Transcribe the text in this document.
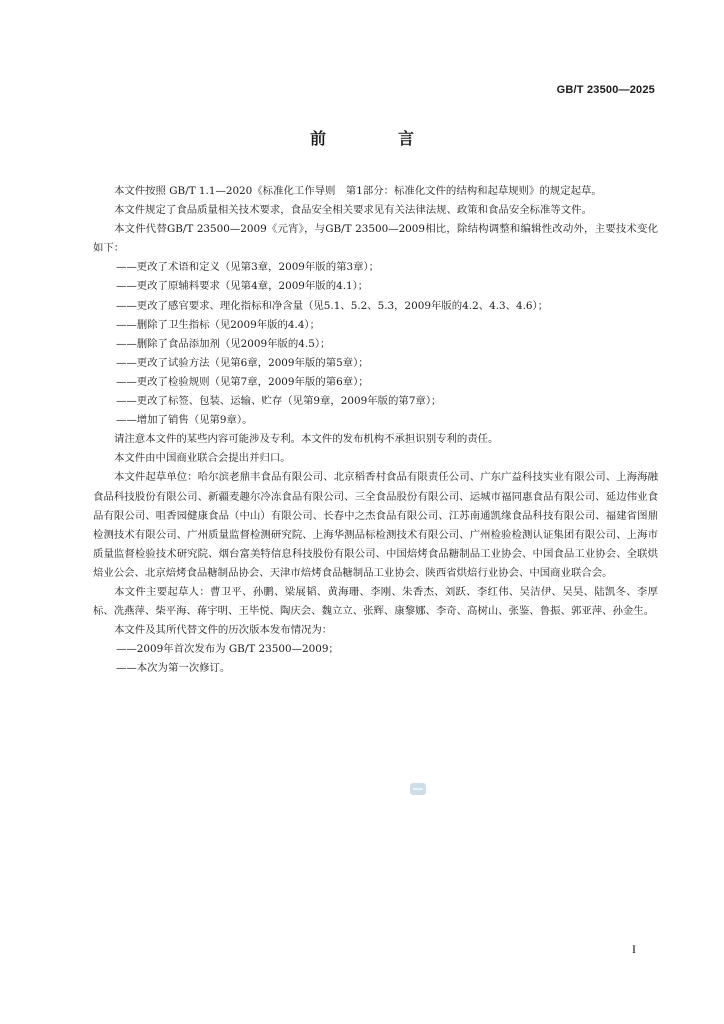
GB/T 23500—2025
前　言

本文件按照 GB/T 1.1—2020《标准化工作导则　第1部分：标准化文件的结构和起草规则》的规定起草。

本文件规定了食品质量相关技术要求，食品安全相关要求见有关法律法规、政策和食品安全标准等文件。

本文件代替GB/T 23500—2009《元宵》，与GB/T 23500—2009相比，除结构调整和编辑性改动外，主要技术变化如下：

——更改了术语和定义（见第3章，2009年版的第3章）；

——更改了原辅料要求（见第4章，2009年版的4.1）；

——更改了感官要求、理化指标和净含量（见5.1、5.2、5.3，2009年版的4.2、4.3、4.6）；

——删除了卫生指标（见2009年版的4.4）；

——删除了食品添加剂（见2009年版的4.5）；

——更改了试验方法（见第6章，2009年版的第5章）；

——更改了检验规则（见第7章，2009年版的第6章）；

——更改了标签、包装、运输、贮存（见第9章，2009年版的第7章）；

——增加了销售（见第9章）。

请注意本文件的某些内容可能涉及专利。本文件的发布机构不承担识别专利的责任。

本文件由中国商业联合会提出并归口。

本文件起草单位：哈尔滨老鼎丰食品有限公司、北京稻香村食品有限责任公司、广东广益科技实业有限公司、上海海融食品科技股份有限公司、新疆麦趣尔冷冻食品有限公司、三全食品股份有限公司、运城市福同惠食品有限公司、延边伟业食品有限公司、咀香园健康食品（中山）有限公司、长春中之杰食品有限公司、江苏南通凯缘食品科技有限公司、福建省图鼎检测技术有限公司、广州质量监督检测研究院、上海华测品标检测技术有限公司、广州检验检测认证集团有限公司、上海市质量监督检验技术研究院、烟台富美特信息科技股份有限公司、中国焙烤食品糖制品工业协会、中国食品工业协会、全联烘焙业公会、北京焙烤食品糖制品协会、天津市焙烤食品糖制品工业协会、陕西省烘焙行业协会、中国商业联合会。

本文件主要起草人：曹卫平、孙鹏、梁展韬、黄海珊、李刚、朱香杰、刘跃、李红伟、吴洁伊、吴昊、陆凯冬、李厚标、冼燕萍、柴平海、蒋宇明、王毕悦、陶庆会、魏立立、张辉、康黎娜、李奇、高树山、张鉴、鲁振、郭亚萍、孙金生。

本文件及其所代替文件的历次版本发布情况为：

——2009年首次发布为 GB/T 23500—2009；

——本次为第一次修订。

I
